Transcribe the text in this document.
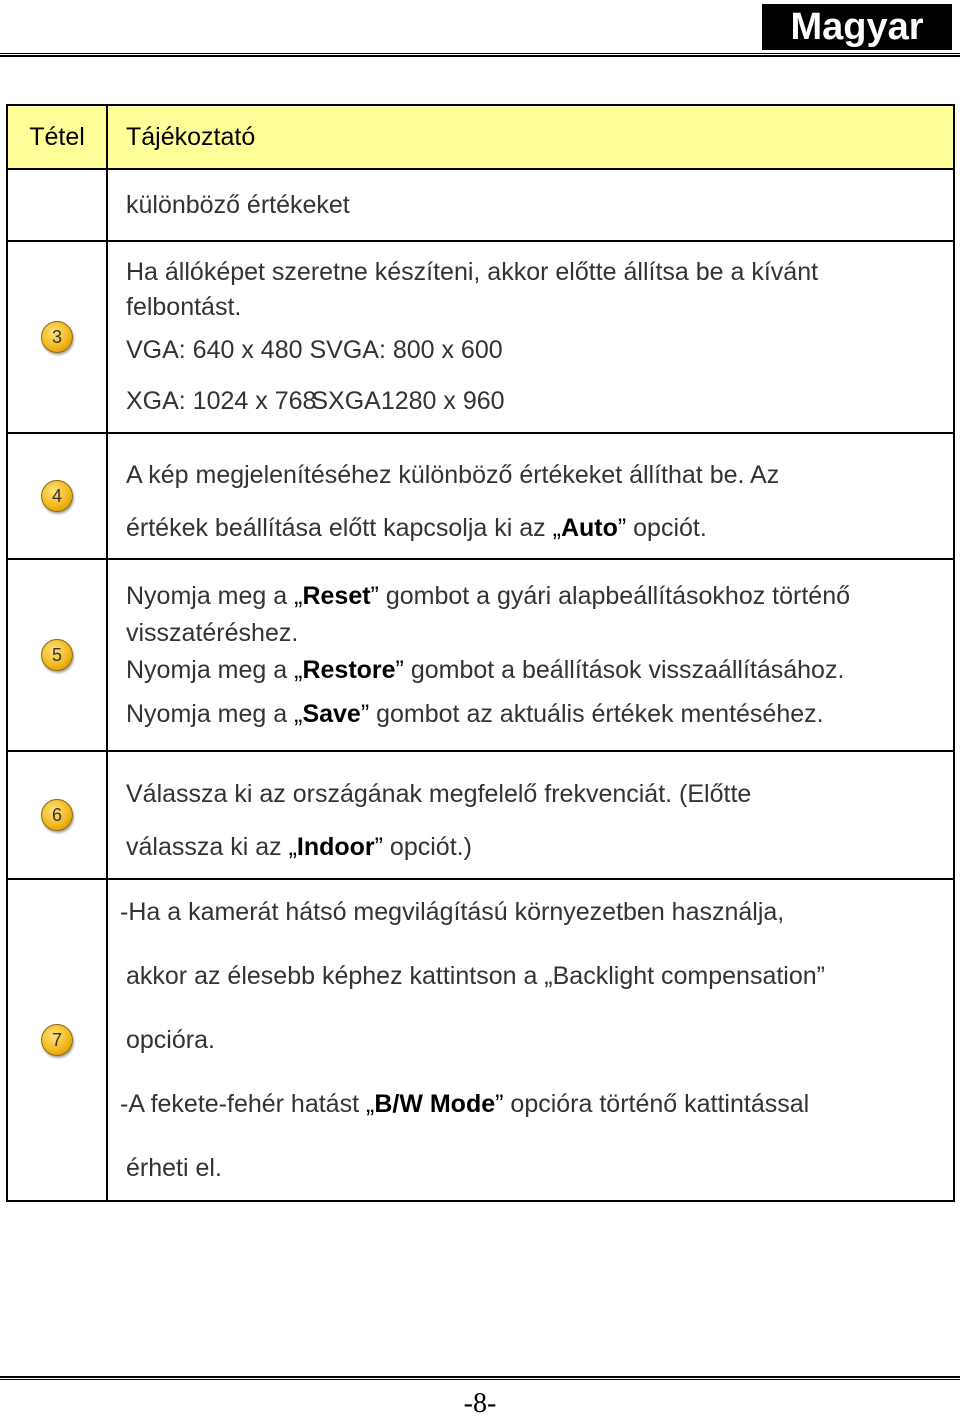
Magyar
Tétel	Tájékoztató

	különböző értékeket

3	Ha állóképet szeretne készíteni, akkor előtte állítsa be a kívánt
felbontást.
VGA: 640 x 480 SVGA: 800 x 600
XGA: 1024 x 768 SXGA1280 x 960

4	A kép megjelenítéséhez különböző értékeket állíthat be. Az
értékek beállítása előtt kapcsolja ki az „Auto” opciót.

5	Nyomja meg a „Reset” gombot a gyári alapbeállításokhoz történő
visszatéréshez.
Nyomja meg a „Restore” gombot a beállítások visszaállításához.
Nyomja meg a „Save” gombot az aktuális értékek mentéséhez.

6	Válassza ki az országának megfelelő frekvenciát. (Előtte
válassza ki az „Indoor” opciót.)

7	-Ha a kamerát hátsó megvilágítású környezetben használja,
akkor az élesebb képhez kattintson a „Backlight compensation”
opcióra.
-A fekete-fehér hatást „B/W Mode” opcióra történő kattintással
érheti el.
-8-
